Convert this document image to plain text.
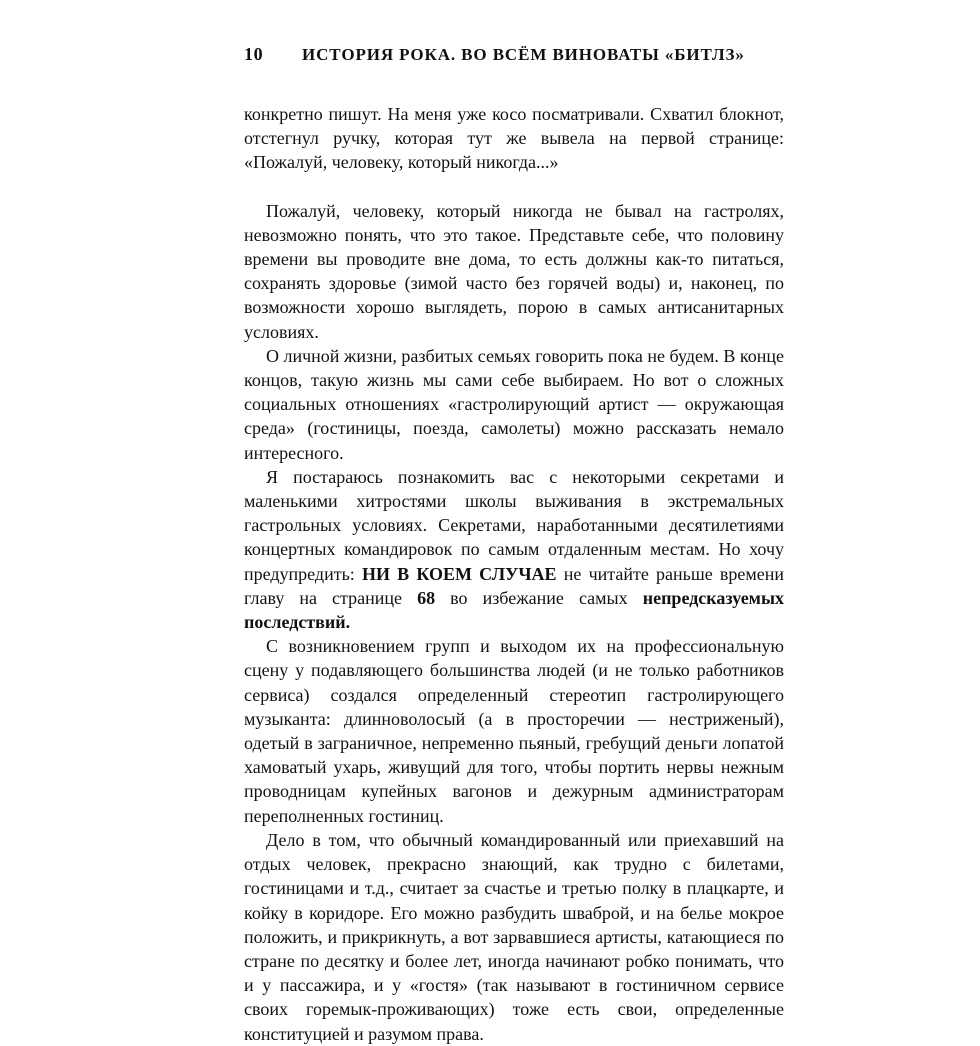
10 ИСТОРИЯ РОКА. ВО ВСЁМ ВИНОВАТЫ «БИТЛЗ»

конкретно пишут. На меня уже косо посматривали. Схватил блокнот, отстегнул ручку, которая тут же вывела на первой странице: «Пожалуй, человеку, который никогда...»

Пожалуй, человеку, который никогда не бывал на гастролях, невозможно понять, что это такое. Представьте себе, что половину времени вы проводите вне дома, то есть должны как-то питаться, сохранять здоровье (зимой часто без горячей воды) и, наконец, по возможности хорошо выглядеть, порою в самых антисанитарных условиях.

О личной жизни, разбитых семьях говорить пока не будем. В конце концов, такую жизнь мы сами себе выбираем. Но вот о сложных социальных отношениях «гастролирующий артист — окружающая среда» (гостиницы, поезда, самолеты) можно рассказать немало интересного.

Я постараюсь познакомить вас с некоторыми секретами и маленькими хитростями школы выживания в экстремальных гастрольных условиях. Секретами, наработанными десятилетиями концертных командировок по самым отдаленным местам. Но хочу предупредить: НИ В КОЕМ СЛУЧАЕ не читайте раньше времени главу на странице 68 во избежание самых непредсказуемых последствий.

С возникновением групп и выходом их на профессиональную сцену у подавляющего большинства людей (и не только работников сервиса) создался определенный стереотип гастролирующего музыканта: длинноволосый (а в просторечии — нестриженый), одетый в заграничное, непременно пьяный, гребущий деньги лопатой хамоватый ухарь, живущий для того, чтобы портить нервы нежным проводницам купейных вагонов и дежурным администраторам переполненных гостиниц.

Дело в том, что обычный командированный или приехавший на отдых человек, прекрасно знающий, как трудно с билетами, гостиницами и т.д., считает за счастье и третью полку в плацкарте, и койку в коридоре. Его можно разбудить шваброй, и на белье мокрое положить, и прикрикнуть, а вот зарвавшиеся артисты, катающиеся по стране по десятку и более лет, иногда начинают робко понимать, что и у пассажира, и у «гостя» (так называют в гостиничном сервисе своих горемык-проживающих) тоже есть свои, определенные конституцией и разумом права.
